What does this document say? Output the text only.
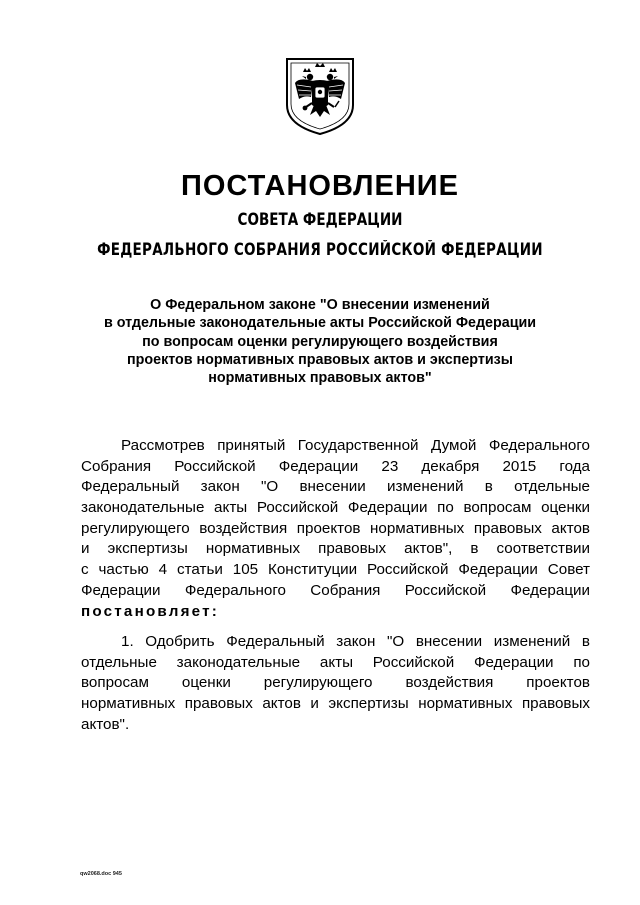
ПОСТАНОВЛЕНИЕ
СОВЕТА ФЕДЕРАЦИИ
ФЕДЕРАЛЬНОГО СОБРАНИЯ РОССИЙСКОЙ ФЕДЕРАЦИИ
О Федеральном законе "О внесении изменений
в отдельные законодательные акты Российской Федерации
по вопросам оценки регулирующего воздействия
проектов нормативных правовых актов и экспертизы
нормативных правовых актов"
Рассмотрев принятый Государственной Думой Федерального
Собрания Российской Федерации 23 декабря 2015 года
Федеральный закон "О внесении изменений в отдельные
законодательные акты Российской Федерации по вопросам оценки
регулирующего воздействия проектов нормативных правовых актов
и экспертизы нормативных правовых актов", в соответствии
с частью 4 статьи 105 Конституции Российской Федерации Совет
Федерации Федерального Собрания Российской Федерации
постановляет:
1. Одобрить Федеральный закон "О внесении изменений в
отдельные законодательные акты Российской Федерации по
вопросам оценки регулирующего воздействия проектов
нормативных правовых актов и экспертизы нормативных правовых
актов".
qw2068.doc 945
